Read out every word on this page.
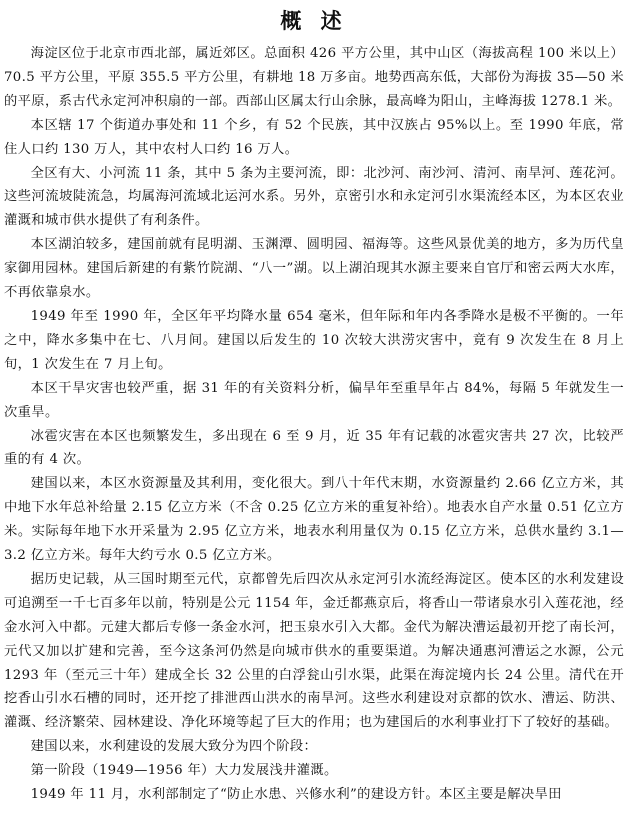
概 述

海淀区位于北京市西北部，属近郊区。总面积 426 平方公里，其中山区（海拔高程 100 米以上）70.5 平方公里，平原 355.5 平方公里，有耕地 18 万多亩。地势西高东低，大部份为海拔 35—50 米的平原，系古代永定河冲积扇的一部。西部山区属太行山余脉，最高峰为阳山，主峰海拔 1278.1 米。

本区辖 17 个街道办事处和 11 个乡，有 52 个民族，其中汉族占 95%以上。至 1990 年底，常住人口约 130 万人，其中农村人口约 16 万人。

全区有大、小河流 11 条，其中 5 条为主要河流，即：北沙河、南沙河、清河、南旱河、莲花河。这些河流坡陡流急，均属海河流域北运河水系。另外，京密引水和永定河引水渠流经本区，为本区农业灌溉和城市供水提供了有利条件。

本区湖泊较多，建国前就有昆明湖、玉渊潭、圆明园、福海等。这些风景优美的地方，多为历代皇家御用园林。建国后新建的有紫竹院湖、“八一”湖。以上湖泊现其水源主要来自官厅和密云两大水库，不再依靠泉水。

1949 年至 1990 年，全区年平均降水量 654 毫米，但年际和年内各季降水是极不平衡的。一年之中，降水多集中在七、八月间。建国以后发生的 10 次较大洪涝灾害中，竟有 9 次发生在 8 月上旬，1 次发生在 7 月上旬。

本区干旱灾害也较严重，据 31 年的有关资料分析，偏旱年至重旱年占 84%，每隔 5 年就发生一次重旱。

冰雹灾害在本区也频繁发生，多出现在 6 至 9 月，近 35 年有记载的冰雹灾害共 27 次，比较严重的有 4 次。

建国以来，本区水资源量及其利用，变化很大。到八十年代末期，水资源量约 2.66 亿立方米，其中地下水年总补给量 2.15 亿立方米（不含 0.25 亿立方米的重复补给）。地表水自产水量 0.51 亿立方米。实际每年地下水开采量为 2.95 亿立方米，地表水利用量仅为 0.15 亿立方米，总供水量约 3.1—3.2 亿立方米。每年大约亏水 0.5 亿立方米。

据历史记载，从三国时期至元代，京都曾先后四次从永定河引水流经海淀区。使本区的水利发建设可追溯至一千七百多年以前，特别是公元 1154 年，金迁都燕京后，将香山一带诸泉水引入莲花池，经金水河入中都。元建大都后专修一条金水河，把玉泉水引入大都。金代为解决漕运最初开挖了南长河，元代又加以扩建和完善，至今这条河仍然是向城市供水的重要渠道。为解决通惠河漕运之水源，公元 1293 年（至元三十年）建成全长 32 公里的白浮瓮山引水渠，此渠在海淀境内长 24 公里。清代在开挖香山引水石槽的同时，还开挖了排泄西山洪水的南旱河。这些水利建设对京都的饮水、漕运、防洪、灌溉、经济繁荣、园林建设、净化环境等起了巨大的作用；也为建国后的水利事业打下了较好的基础。

建国以来，水利建设的发展大致分为四个阶段：

第一阶段（1949—1956 年）大力发展浅井灌溉。

1949 年 11 月，水利部制定了“防止水患、兴修水利”的建设方针。本区主要是解决旱田
